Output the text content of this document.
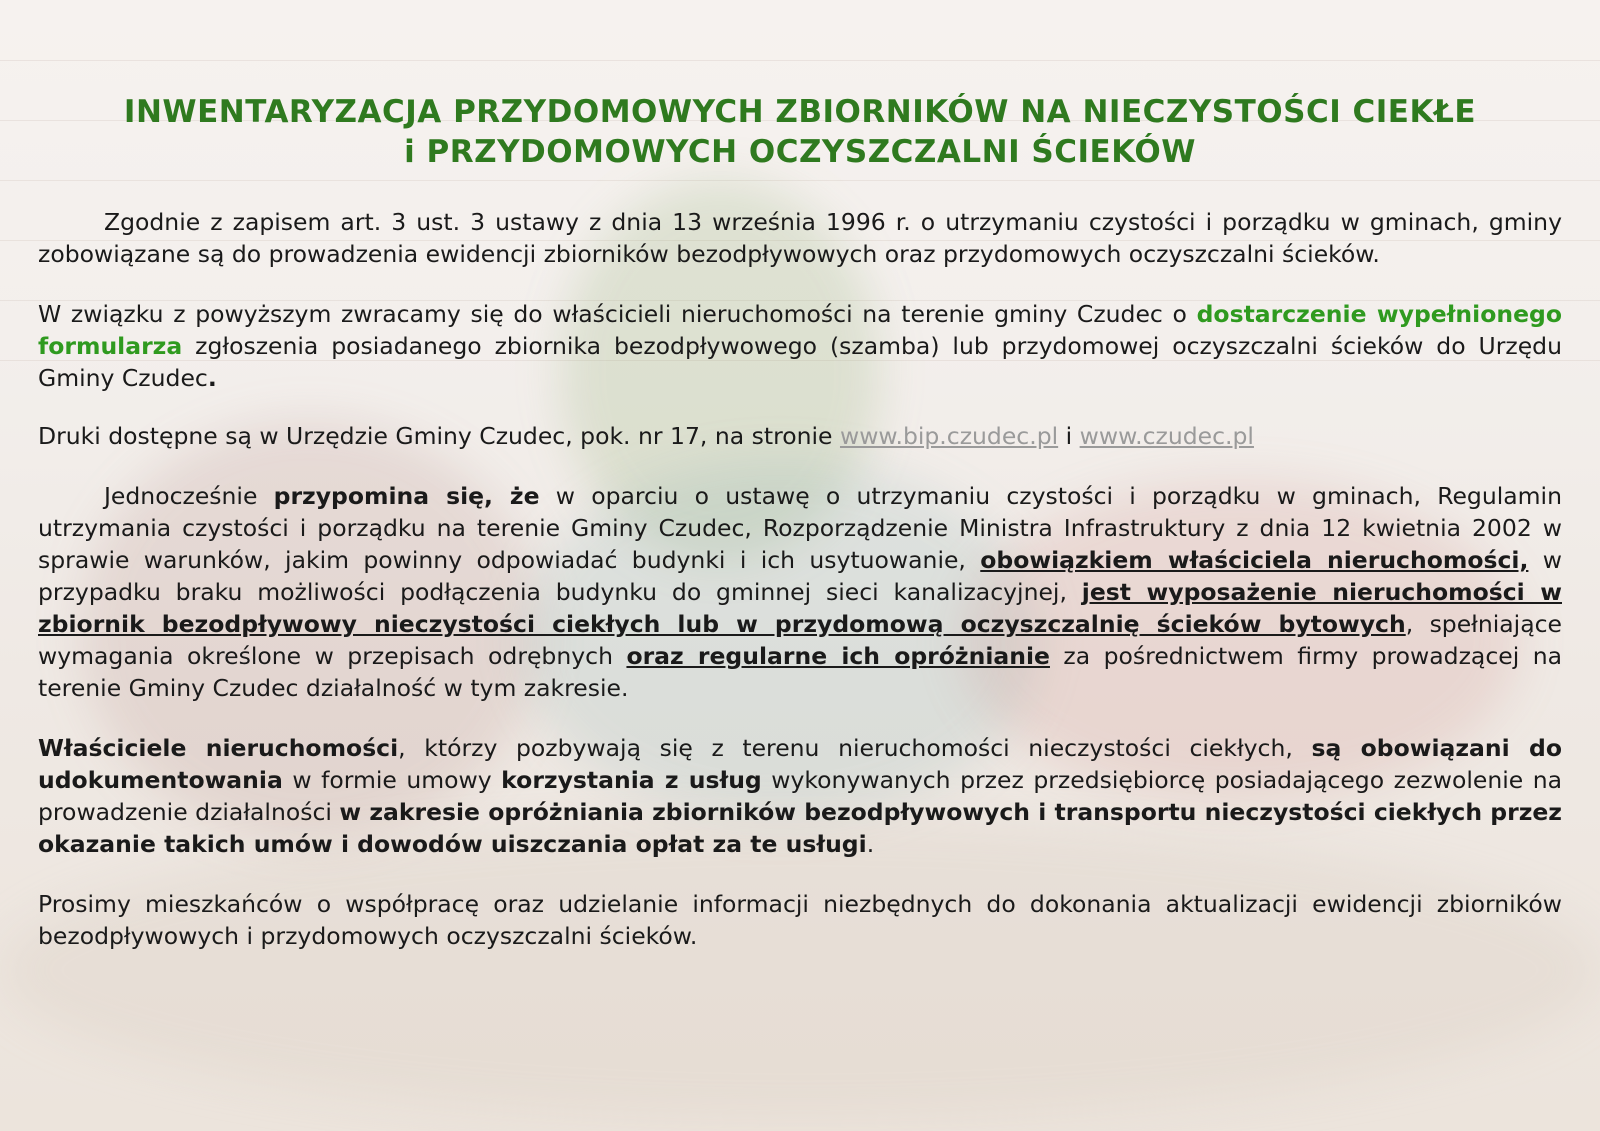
INWENTARYZACJA PRZYDOMOWYCH ZBIORNIKÓW NA NIECZYSTOŚCI CIEKŁE
i PRZYDOMOWYCH OCZYSZCZALNI ŚCIEKÓW

Zgodnie z zapisem art. 3 ust. 3 ustawy z dnia 13 września 1996 r. o utrzymaniu czystości i porządku w gminach, gminy zobowiązane są do prowadzenia ewidencji zbiorników bezodpływowych oraz przydomowych oczyszczalni ścieków.

W związku z powyższym zwracamy się do właścicieli nieruchomości na terenie gminy Czudec o dostarczenie wypełnionego formularza zgłoszenia posiadanego zbiornika bezodpływowego (szamba) lub przydomowej oczyszczalni ścieków do Urzędu Gminy Czudec.

Druki dostępne są w Urzędzie Gminy Czudec, pok. nr 17, na stronie www.bip.czudec.pl i www.czudec.pl

Jednocześnie przypomina się, że w oparciu o ustawę o utrzymaniu czystości i porządku w gminach, Regulamin utrzymania czystości i porządku na terenie Gminy Czudec, Rozporządzenie Ministra Infrastruktury z dnia 12 kwietnia 2002 w sprawie warunków, jakim powinny odpowiadać budynki i ich usytuowanie, obowiązkiem właściciela nieruchomości, w przypadku braku możliwości podłączenia budynku do gminnej sieci kanalizacyjnej, jest wyposażenie nieruchomości w zbiornik bezodpływowy nieczystości ciekłych lub w przydomową oczyszczalnię ścieków bytowych, spełniające wymagania określone w przepisach odrębnych oraz regularne ich opróżnianie za pośrednictwem firmy prowadzącej na terenie Gminy Czudec działalność w tym zakresie.

Właściciele nieruchomości, którzy pozbywają się z terenu nieruchomości nieczystości ciekłych, są obowiązani do udokumentowania w formie umowy korzystania z usług wykonywanych przez przedsiębiorcę posiadającego zezwolenie na prowadzenie działalności w zakresie opróżniania zbiorników bezodpływowych i transportu nieczystości ciekłych przez okazanie takich umów i dowodów uiszczania opłat za te usługi.

Prosimy mieszkańców o współpracę oraz udzielanie informacji niezbędnych do dokonania aktualizacji ewidencji zbiorników bezodpływowych i przydomowych oczyszczalni ścieków.
